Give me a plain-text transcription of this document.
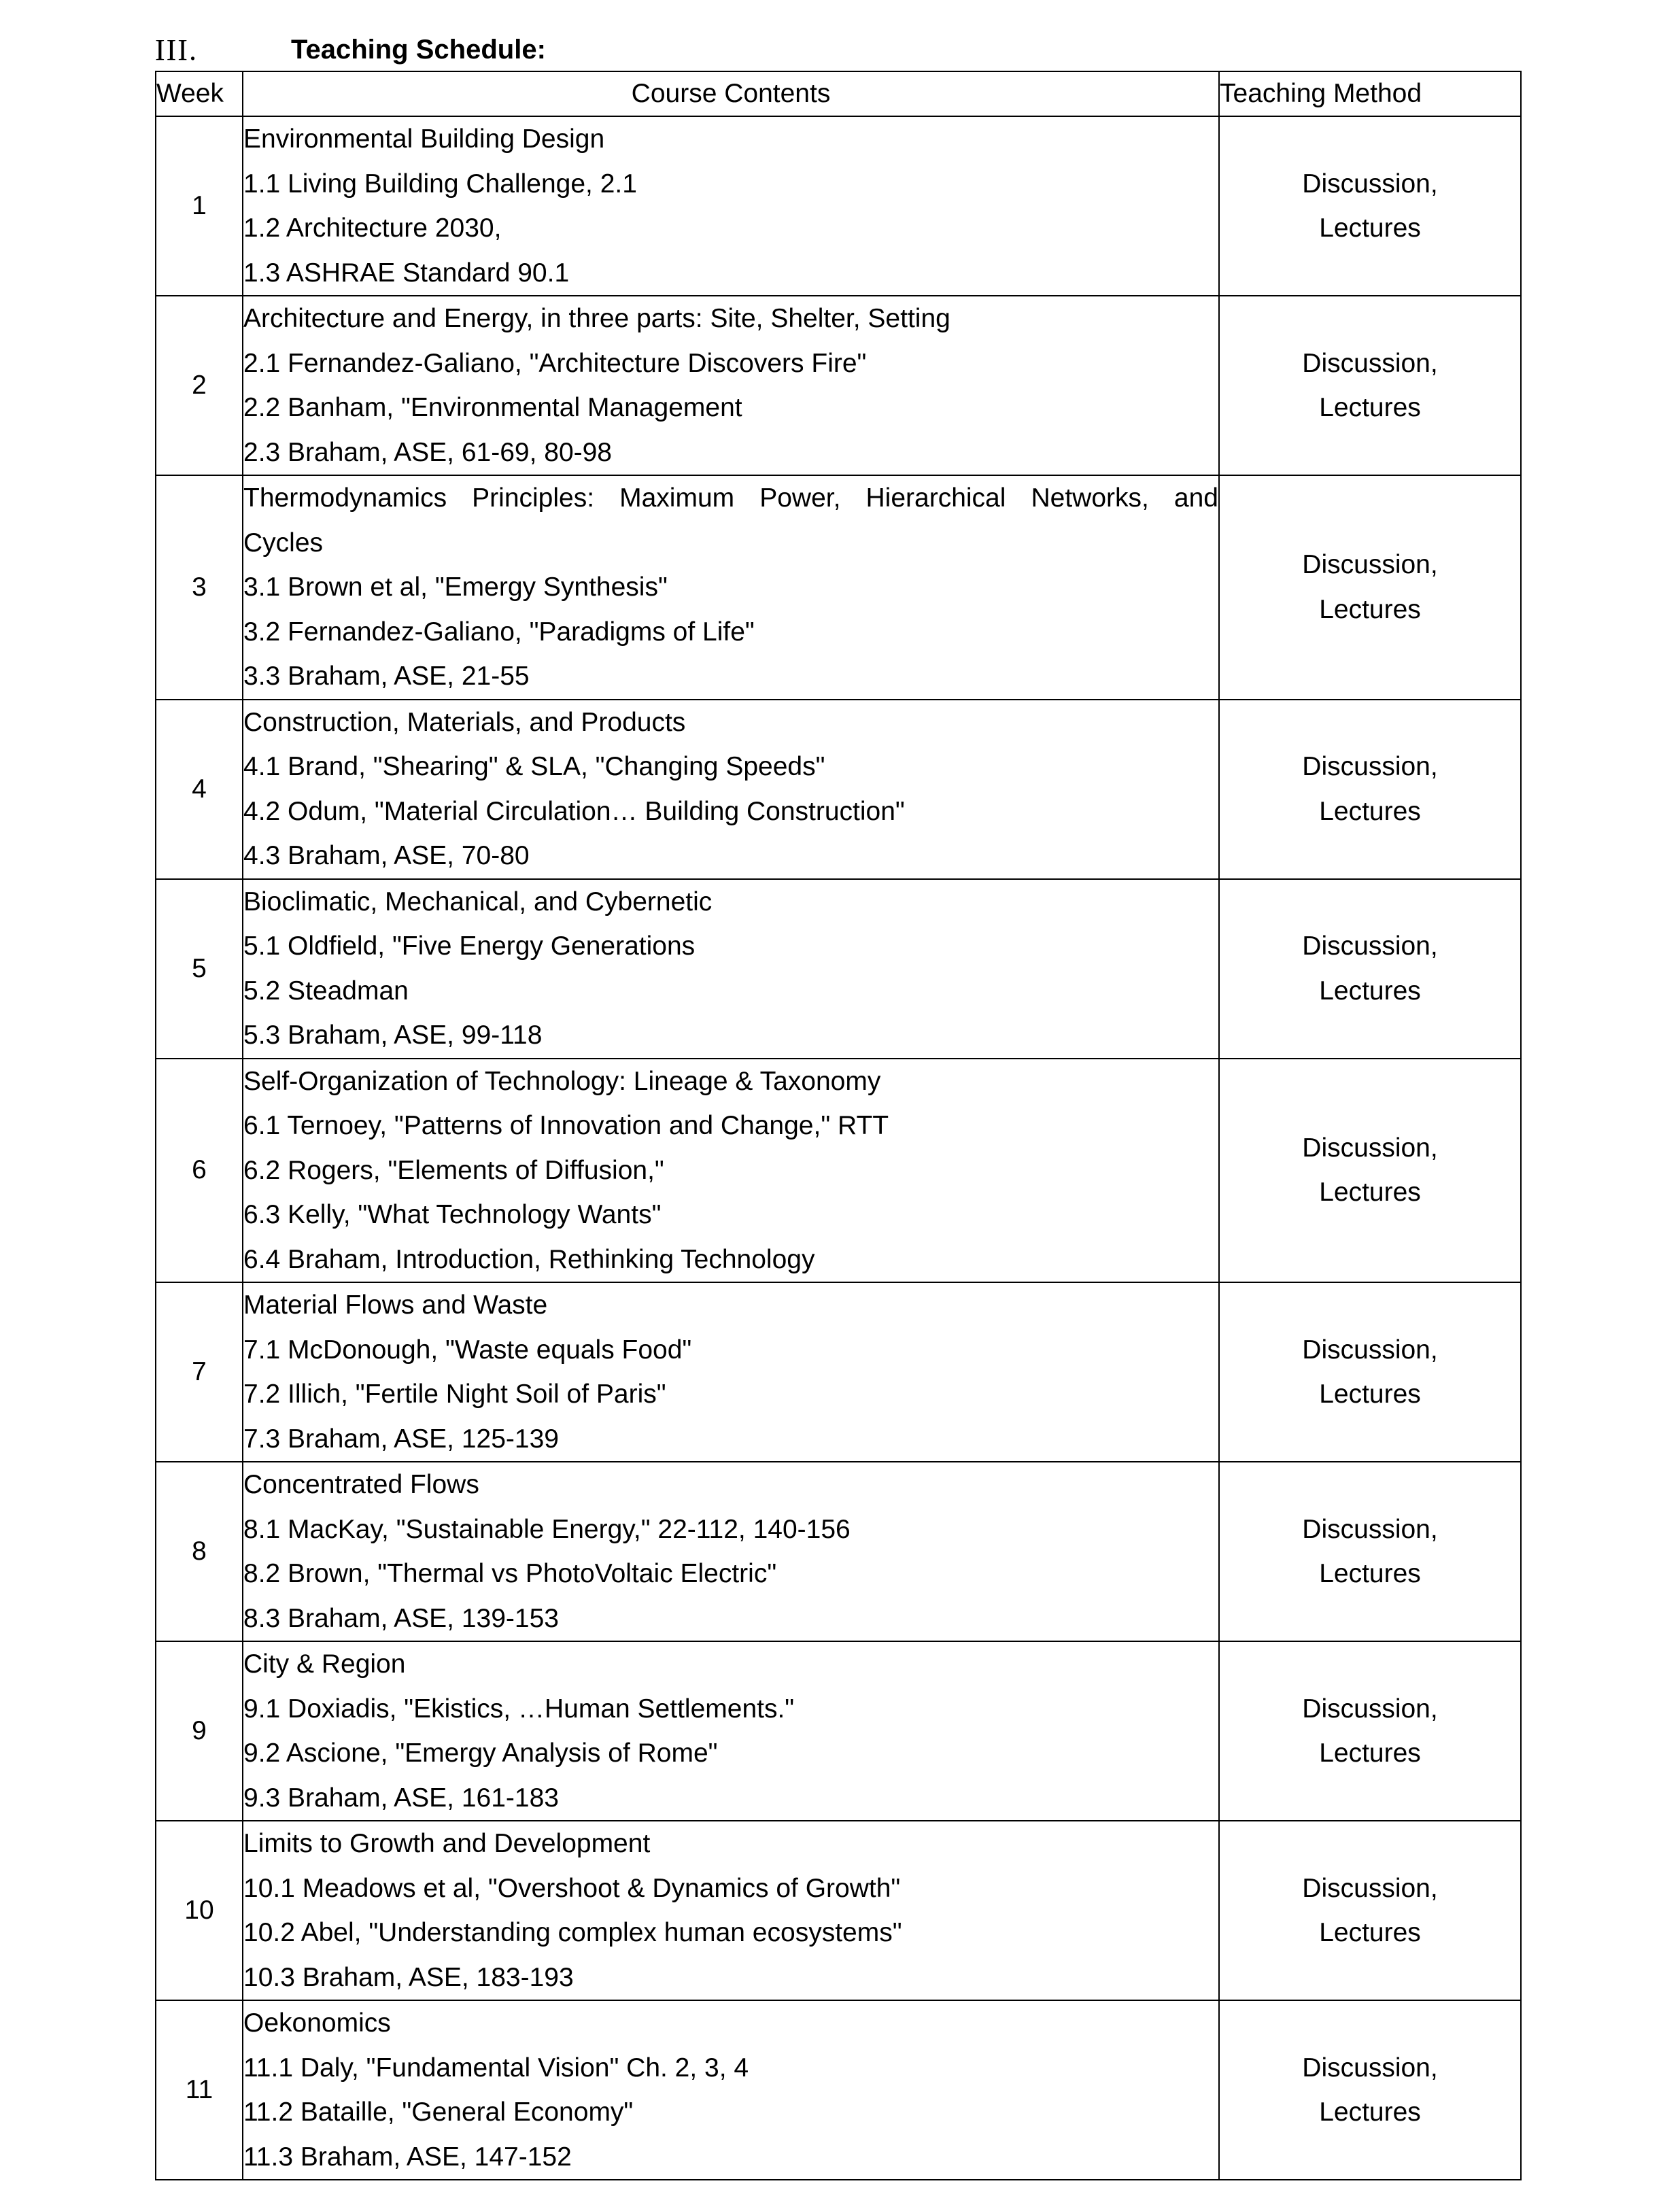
III.	Teaching Schedule:
Week	Course Contents	Teaching Method
1	Environmental Building Design
1.1 Living Building Challenge, 2.1
1.2 Architecture 2030,
1.3 ASHRAE Standard 90.1	Discussion,
Lectures

2	Architecture and Energy, in three parts: Site, Shelter, Setting
2.1 Fernandez-Galiano, "Architecture Discovers Fire"
2.2 Banham, "Environmental Management
2.3 Braham, ASE, 61-69, 80-98	Discussion,
Lectures

3	Thermodynamics Principles: Maximum Power, Hierarchical Networks, and
Cycles
3.1 Brown et al, "Emergy Synthesis"
3.2 Fernandez-Galiano, "Paradigms of Life"
3.3 Braham, ASE, 21-55	Discussion,
Lectures

4	Construction, Materials, and Products
4.1 Brand, "Shearing" & SLA, "Changing Speeds"
4.2 Odum, "Material Circulation… Building Construction"
4.3 Braham, ASE, 70-80	Discussion,
Lectures

5	Bioclimatic, Mechanical, and Cybernetic
5.1 Oldfield, "Five Energy Generations
5.2 Steadman
5.3 Braham, ASE, 99-118	Discussion,
Lectures

6	Self-Organization of Technology: Lineage & Taxonomy
6.1 Ternoey, "Patterns of Innovation and Change," RTT
6.2 Rogers, "Elements of Diffusion,"
6.3 Kelly, "What Technology Wants"
6.4 Braham, Introduction, Rethinking Technology	Discussion,
Lectures

7	Material Flows and Waste
7.1 McDonough, "Waste equals Food"
7.2 Illich, "Fertile Night Soil of Paris"
7.3 Braham, ASE, 125-139	Discussion,
Lectures

8	Concentrated Flows
8.1 MacKay, "Sustainable Energy," 22-112, 140-156
8.2 Brown, "Thermal vs PhotoVoltaic Electric"
8.3 Braham, ASE, 139-153	Discussion,
Lectures

9	City & Region
9.1 Doxiadis, "Ekistics, …Human Settlements."
9.2 Ascione, "Emergy Analysis of Rome"
9.3 Braham, ASE, 161-183	Discussion,
Lectures

10	Limits to Growth and Development
10.1 Meadows et al, "Overshoot & Dynamics of Growth"
10.2 Abel, "Understanding complex human ecosystems"
10.3 Braham, ASE, 183-193	Discussion,
Lectures

11	Oekonomics
11.1 Daly, "Fundamental Vision" Ch. 2, 3, 4
11.2 Bataille, "General Economy"
11.3 Braham, ASE, 147-152	Discussion,
Lectures
